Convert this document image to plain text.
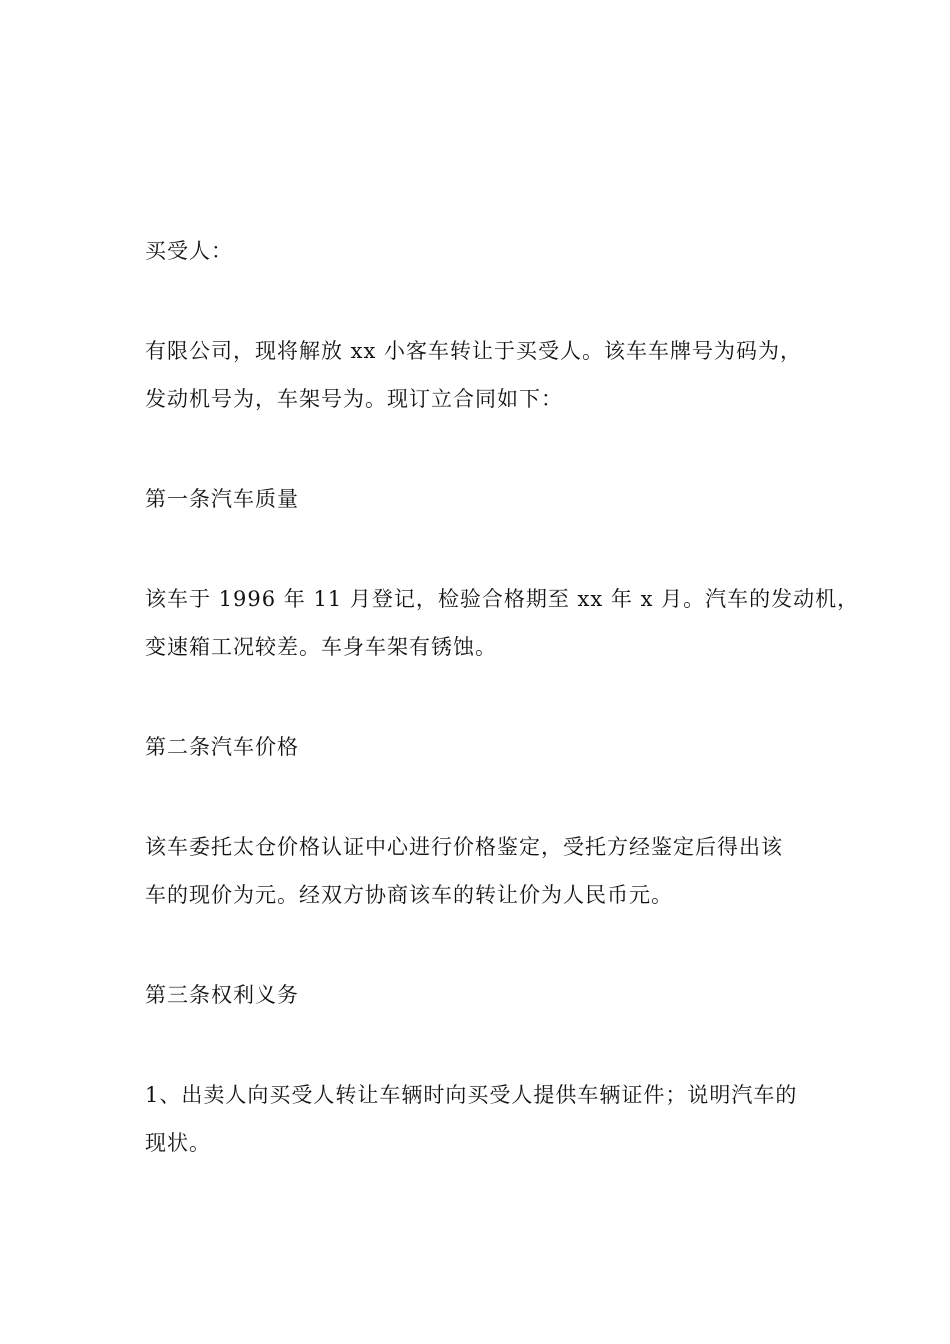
买受人：
有限公司，现将解放 xx 小客车转让于买受人。该车车牌号为码为，
发动机号为，车架号为。现订立合同如下：
第一条汽车质量
该车于 1996 年 11 月登记，检验合格期至 xx 年 x 月。汽车的发动机，
变速箱工况较差。车身车架有锈蚀。
第二条汽车价格
该车委托太仓价格认证中心进行价格鉴定，受托方经鉴定后得出该
车的现价为元。经双方协商该车的转让价为人民币元。
第三条权利义务
1、出卖人向买受人转让车辆时向买受人提供车辆证件；说明汽车的
现状。
